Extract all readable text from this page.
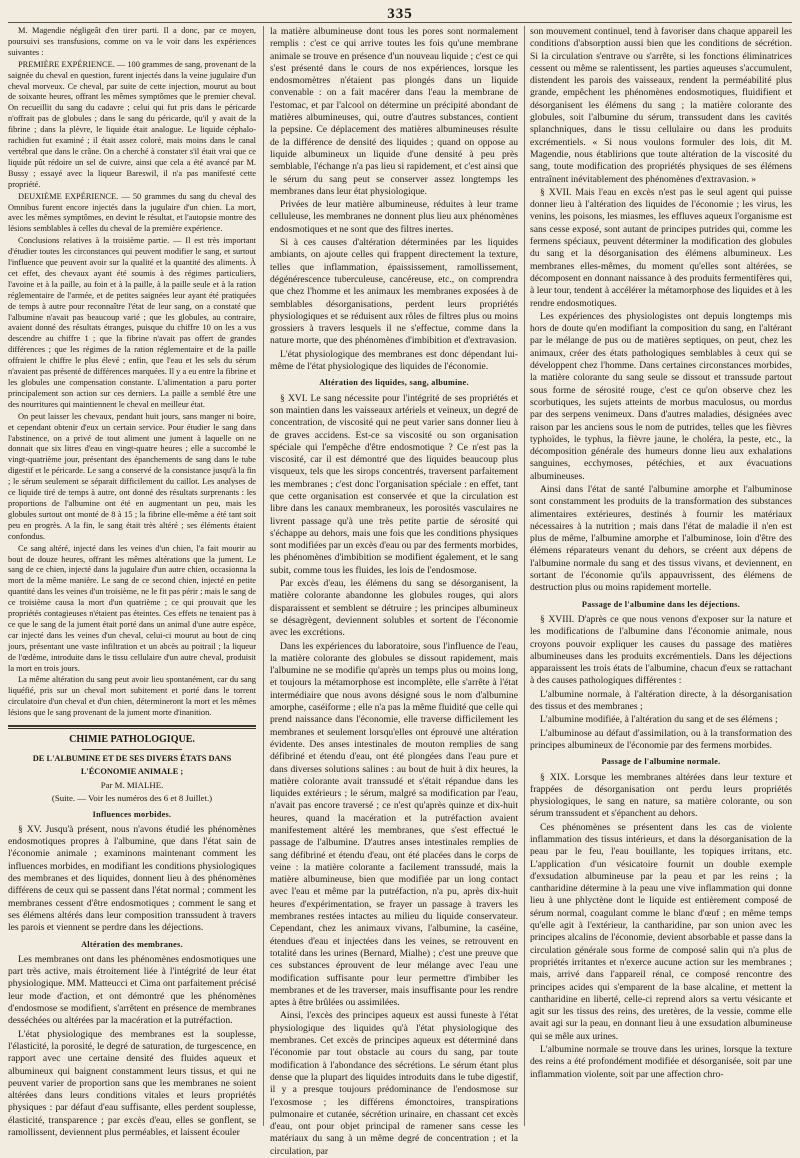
335

M. Magendie négligeât d'en tirer parti. Il a donc, par ce moyen, poursuivi ses transfusions, comme on va le voir dans les expériences suivantes :

PREMIÈRE EXPÉRIENCE. — 100 grammes de sang, provenant de la saignée du cheval en question, furent injectés dans la veine jugulaire d'un cheval morveux. Ce cheval, par suite de cette injection, mourut au bout de soixante heures, offrant les mêmes symptômes que le premier cheval. On recueillit du sang du cadavre ; celui qui fut pris dans le péricarde n'offrait pas de globules ; dans le sang du péricarde, qu'il y avait de la fibrine ; dans la plèvre, le liquide était analogue. Le liquide céphalo-rachidien fut examiné ; il était assez coloré, mais moins dans le canal vertébral que dans le crâne. On a cherché à constater s'il était vrai que ce liquide pût rédoire un sel de cuivre, ainsi que cela a été avancé par M. Bussy ; essayé avec la liqueur Bareswil, il n'a pas manifesté cette propriété.

DEUXIÈME EXPÉRIENCE. — 50 grammes du sang du cheval des Omnibus furent encore injectés dans la jugulaire d'un chien. La mort, avec les mêmes symptômes, en devint le résultat, et l'autopsie montre des lésions semblables à celles du cheval de la première expérience.

Conclusions relatives à la troisième partie. — Il est très important d'étudier toutes les circonstances qui peuvent modifier le sang, et surtout l'influence que peuvent avoir sur la qualité et la quantité des aliments. À cet effet, des chevaux ayant été soumis à des régimes particuliers, l'avoine et à la paille, au foin et à la paille, à la paille seule et à la ration réglementaire de l'armée, et de petites saignées leur ayant été pratiquées de temps à autre pour reconnaître l'état de leur sang, on a constaté que l'albumine n'avait pas beaucoup varié ; que les globules, au contraire, avaient donné des résultats étranges, puisque du chiffre 10 on les a vus descendre au chiffre 1 ; que la fibrine n'avait pas offert de grandes différences ; que les régimes de la ration réglementaire et de la paille offraient le chiffre le plus élevé ; enfin, que l'eau et les sels du sérum n'avaient pas présenté de différences marquées. Il y a eu entre la fibrine et les globules une compensation constante. L'alimentation a paru porter principalement son action sur ces derniers. La paille a semblé être une des nourritures qui maintiennent le cheval en meilleur état.

On peut laisser les chevaux, pendant huit jours, sans manger ni boire, et cependant obtenir d'eux un certain service. Pour étudier le sang dans l'abstinence, on a privé de tout aliment une jument à laquelle on ne donnait que six litres d'eau en vingt-quatre heures ; elle a succombé le vingt-quatrième jour, présentant des épanchements de sang dans le tube digestif et le péricarde. Le sang a conservé de la consistance jusqu'à la fin ; le sérum seulement se séparait difficilement du caillot. Les analyses de ce liquide tiré de temps à autre, ont donné des résultats surprenants : les proportions de l'albumine ont été en augmentant un peu, mais les globules surtout ont monté de 8 à 15 ; la fibrine elle-même a été tant soit peu en progrès. A la fin, le sang était très altéré ; ses éléments étaient confondus.

Ce sang altéré, injecté dans les veines d'un chien, l'a fait mourir au bout de douze heures, offrant les mêmes altérations que la jument. Le sang de ce chien, injecté dans la jugulaire d'un autre chien, occasionna la mort de la même manière. Le sang de ce second chien, injecté en petite quantité dans les veines d'un troisième, ne le fit pas périr ; mais le sang de ce troisième causa la mort d'un quatrième ; ce qui prouvait que les propriétés contagieuses n'étaient pas éteintes. Ces effets ne tenaient pas à ce que le sang de la jument était porté dans un animal d'une autre espèce, car injecté dans les veines d'un cheval, celui-ci mourut au bout de cinq jours, présentant une vaste infiltration et un abcès au poitrail ; la liqueur de l'œdème, introduite dans le tissu cellulaire d'un autre cheval, produisit la mort en trois jours.

La même altération du sang peut avoir lieu spontanément, car du sang liquéfié, pris sur un cheval mort subitement et porté dans le torrent circulatoire d'un cheval et d'un chien, détermineront la mort et les mêmes lésions que le sang provenant de la jument morte d'inanition.

CHIMIE PATHOLOGIQUE.
DE L'ALBUMINE ET DE SES DIVERS ÉTATS DANS L'ÉCONOMIE ANIMALE ;
Par M. MIALHE.
(Suite. — Voir les numéros des 6 et 8 Juillet.)
Influences morbides.

§ XV. Jusqu'à présent, nous n'avons étudié les phénomènes endosmotiques propres à l'albumine, que dans l'état sain de l'économie animale ; examinons maintenant comment les influences morbides, en modifiant les conditions physiologiques des membranes et des liquides, donnent lieu à des phénomènes différens de ceux qui se passent dans l'état normal ; comment les membranes cessent d'être endosmotiques ; comment le sang et ses élémens altérés dans leur composition transsudent à travers les parois et viennent se perdre dans les déjections.

Altération des membranes.

Les membranes ont dans les phénomènes endosmotiques une part très active, mais étroitement liée à l'intégrité de leur état physiologique. MM. Matteucci et Cima ont parfaitement précisé leur mode d'action, et ont démontré que les phénomènes d'endosmose se modifient, s'arrêtent en présence de membranes desséchées ou altérées par la macération et la putréfaction.

L'état physiologique des membranes est la souplesse, l'élasticité, la porosité, le degré de saturation, de turgescence, en rapport avec une certaine densité des fluides aqueux et albumineux qui baignent constamment leurs tissus, et qui ne peuvent varier de proportion sans que les membranes ne soient altérées dans leurs conditions vitales et leurs propriétés physiques : par défaut d'eau suffisante, elles perdent souplesse, élasticité, transparence ; par excès d'eau, elles se gonflent, se ramollissent, deviennent plus perméables, et laissent écouler

la matière albumineuse dont tous les pores sont normalement remplis : c'est ce qui arrive toutes les fois qu'une membrane animale se trouve en présence d'un nouveau liquide ; c'est ce qui s'est présenté dans le cours de nos expériences, lorsque les endosmomètres n'étaient pas plongés dans un liquide convenable : on a fait macérer dans l'eau la membrane de l'estomac, et par l'alcool on détermine un précipité abondant de matières albumineuses, qui, outre d'autres substances, contient la pepsine. Ce déplacement des matières albumineuses résulte de la différence de densité des liquides ; quand on oppose au liquide albumineux un liquide d'une densité à peu près semblable, l'échange n'a pas lieu si rapidement, et c'est ainsi que le sérum du sang peut se conserver assez longtemps les membranes dans leur état physiologique.

Privées de leur matière albumineuse, réduites à leur trame celluleuse, les membranes ne donnent plus lieu aux phénomènes endosmotiques et ne sont que des filtres inertes.

Si à ces causes d'altération déterminées par les liquides ambiants, on ajoute celles qui frappent directement la texture, telles que inflammation, épaississement, ramollissement, dégénérescence tuberculeuse, cancéreuse, etc., on comprendra que chez l'homme et les animaux les membranes exposées à de semblables désorganisations, perdent leurs propriétés physiologiques et se réduisent aux rôles de filtres plus ou moins grossiers à travers lesquels il ne s'effectue, comme dans la nature morte, que des phénomènes d'imbibition et d'extravasion.

L'état physiologique des membranes est donc dépendant lui-même de l'état physiologique des liquides de l'économie.

Altération des liquides, sang, albumine.

§ XVI. Le sang nécessite pour l'intégrité de ses propriétés et son maintien dans les vaisseaux artériels et veineux, un degré de concentration, de viscosité qui ne peut varier sans donner lieu à de graves accidens. Est-ce sa viscosité ou son organisation spéciale qui l'empêche d'être endosmotique ? Ce n'est pas la viscosité, car il est démontré que des liquides beaucoup plus visqueux, tels que les sirops concentrés, traversent parfaitement les membranes ; c'est donc l'organisation spéciale : en effet, tant que cette organisation est conservée et que la circulation est libre dans les canaux membraneux, les porosités vasculaires ne livrent passage qu'à une très petite partie de sérosité qui s'échappe au dehors, mais une fois que les conditions physiques sont modifiées par un excès d'eau ou par des ferments morbides, les phénomènes d'imbibition se modifient également, et le sang subit, comme tous les fluides, les lois de l'endosmose.

Par excès d'eau, les élémens du sang se désorganisent, la matière colorante abandonne les globules rouges, qui alors disparaissent et semblent se détruire ; les principes albumineux se désagrègent, deviennent solubles et sortent de l'économie avec les excrétions.

Dans les expériences du laboratoire, sous l'influence de l'eau, la matière colorante des globules se dissout rapidement, mais l'albumine ne se modifie qu'après un temps plus ou moins long, et toujours la métamorphose est incomplète, elle s'arrête à l'état intermédiaire que nous avons désigné sous le nom d'albumine amorphe, caséiforme ; elle n'a pas la même fluidité que celle qui prend naissance dans l'économie, elle traverse difficilement les membranes et seulement lorsqu'elles ont éprouvé une altération évidente. Des anses intestinales de mouton remplies de sang défibriné et étendu d'eau, ont été plongées dans l'eau pure et dans diverses solutions salines : au bout de huit à dix heures, la matière colorante avait transsudé et s'était répandue dans les liquides extérieurs ; le sérum, malgré sa modification par l'eau, n'avait pas encore traversé ; ce n'est qu'après quinze et dix-huit heures, quand la macération et la putréfaction avaient manifestement altéré les membranes, que s'est effectué le passage de l'albumine. D'autres anses intestinales remplies de sang défibriné et étendu d'eau, ont été placées dans le corps de veine : la matière colorante a facilement transsudé, mais la matière albumineuse, bien que modifiée par un long contact avec l'eau et même par la putréfaction, n'a pu, après dix-huit heures d'expérimentation, se frayer un passage à travers les membranes restées intactes au milieu du liquide conservateur. Cependant, chez les animaux vivans, l'albumine, la caséine, étendues d'eau et injectées dans les veines, se retrouvent en totalité dans les urines (Bernard, Mialhe) ; c'est une preuve que ces substances éprouvent de leur mélange avec l'eau une modification suffisante pour leur permettre d'imbiber les membranes et de les traverser, mais insuffisante pour les rendre aptes à être brûlées ou assimilées.

Ainsi, l'excès des principes aqueux est aussi funeste à l'état physiologique des liquides qu'à l'état physiologique des membranes. Cet excès de principes aqueux est déterminé dans l'économie par tout obstacle au cours du sang, par toute modification à l'abondance des sécrétions. Le sérum étant plus dense que la plupart des liquides introduits dans le tube digestif, il y a presque toujours prédominance de l'endosmose sur l'exosmose ; les différens émonctoires, transpirations pulmonaire et cutanée, sécrétion urinaire, en chassant cet excès d'eau, ont pour objet principal de ramener sans cesse les matériaux du sang à un même degré de concentration ; et la circulation, par

son mouvement continuel, tend à favoriser dans chaque appareil les conditions d'absorption aussi bien que les conditions de sécrétion. Si la circulation s'entrave ou s'arrête, si les fonctions éliminatrices cessent ou même se ralentissent, les parties aqueuses s'accumulent, distendent les parois des vaisseaux, rendent la perméabilité plus grande, empêchent les phénomènes endosmotiques, fluidifient et désorganisent les élémens du sang ; la matière colorante des globules, soit l'albumine du sérum, transsudent dans les cavités splanchniques, dans le tissu cellulaire ou dans les produits excrémentiels. « Si nous voulons formuler des lois, dit M. Magendie, nous établirions que toute altération de la viscosité du sang, toute modification des propriétés physiques de ses élémens entraînent inévitablement des phénomènes d'extravasion. »

§ XVII. Mais l'eau en excès n'est pas le seul agent qui puisse donner lieu à l'altération des liquides de l'économie ; les virus, les venins, les poisons, les miasmes, les effluves aqueux l'organisme est sans cesse exposé, sont autant de principes putrides qui, comme les fermens spéciaux, peuvent déterminer la modification des globules du sang et la désorganisation des élémens albumineux. Les membranes elles-mêmes, du moment qu'elles sont altérées, se décomposent en donnant naissance à des produits fermentifères qui, à leur tour, tendent à accélérer la métamorphose des liquides et à les rendre endosmotiques.

Les expériences des physiologistes ont depuis longtemps mis hors de doute qu'en modifiant la composition du sang, en l'altérant par le mélange de pus ou de matières septiques, on peut, chez les animaux, créer des états pathologiques semblables à ceux qui se développent chez l'homme. Dans certaines circonstances morbides, la matière colorante du sang seule se dissout et transsude partout sous forme de sérosité rouge, c'est ce qu'on observe chez les scorbutiques, les sujets atteints de morbus maculosus, ou mordus par des serpens venimeux. Dans d'autres maladies, désignées avec raison par les anciens sous le nom de putrides, telles que les fièvres typhoïdes, le typhus, la fièvre jaune, le choléra, la peste, etc., la décomposition générale des humeurs donne lieu aux exhalations sanguines, ecchymoses, pétéchies, et aux évacuations albumineuses.

Ainsi dans l'état de santé l'albumine amorphe et l'albuminose sont constamment les produits de la transformation des substances alimentaires extérieures, destinés à fournir les matériaux nécessaires à la nutrition ; mais dans l'état de maladie il n'en est plus de même, l'albumine amorphe et l'albuminose, loin d'être des élémens réparateurs venant du dehors, se créent aux dépens de l'albumine normale du sang et des tissus vivans, et deviennent, en sortant de l'économie qu'ils appauvrissent, des élémens de destruction plus ou moins rapidement mortelle.

Passage de l'albumine dans les déjections.

§ XVIII. D'après ce que nous venons d'exposer sur la nature et les modifications de l'albumine dans l'économie animale, nous croyons pouvoir expliquer les causes du passage des matières albumineuses dans les produits excrémentiels. Dans les déjections apparaissent les trois états de l'albumine, chacun d'eux se rattachant à des causes pathologiques différentes :

L'albumine normale, à l'altération directe, à la désorganisation des tissus et des membranes ;

L'albumine modifiée, à l'altération du sang et de ses élémens ;

L'albuminose au défaut d'assimilation, ou à la transformation des principes albumineux de l'économie par des fermens morbides.

Passage de l'albumine normale.

§ XIX. Lorsque les membranes altérées dans leur texture et frappées de désorganisation ont perdu leurs propriétés physiologiques, le sang en nature, sa matière colorante, ou son sérum transsudent et s'épanchent au dehors.

Ces phénomènes se présentent dans les cas de violente inflammation des tissus intérieurs, et dans la désorganisation de la peau par le feu, l'eau bouillante, les topiques irritans, etc. L'application d'un vésicatoire fournit un double exemple d'exsudation albumineuse par la peau et par les reins ; la cantharidine détermine à la peau une vive inflammation qui donne lieu à une phlyctène dont le liquide est entièrement composé de sérum normal, coagulant comme le blanc d'œuf ; en même temps qu'elle agit à l'extérieur, la cantharidine, par son union avec les principes alcalins de l'économie, devient absorbable et passe dans la circulation générale sous forme de composé salin qui n'a plus de propriétés irritantes et n'exerce aucune action sur les membranes ; mais, arrivé dans l'appareil rénal, ce composé rencontre des principes acides qui s'emparent de la base alcaline, et mettent la cantharidine en liberté, celle-ci reprend alors sa vertu vésicante et agit sur les tissus des reins, des uretères, de la vessie, comme elle avait agi sur la peau, en donnant lieu à une exsudation albumineuse qui se mêle aux urines.

L'albumine normale se trouve dans les urines, lorsque la texture des reins a été profondément modifiée et désorganisée, soit par une inflammation violente, soit par une affection chro-
